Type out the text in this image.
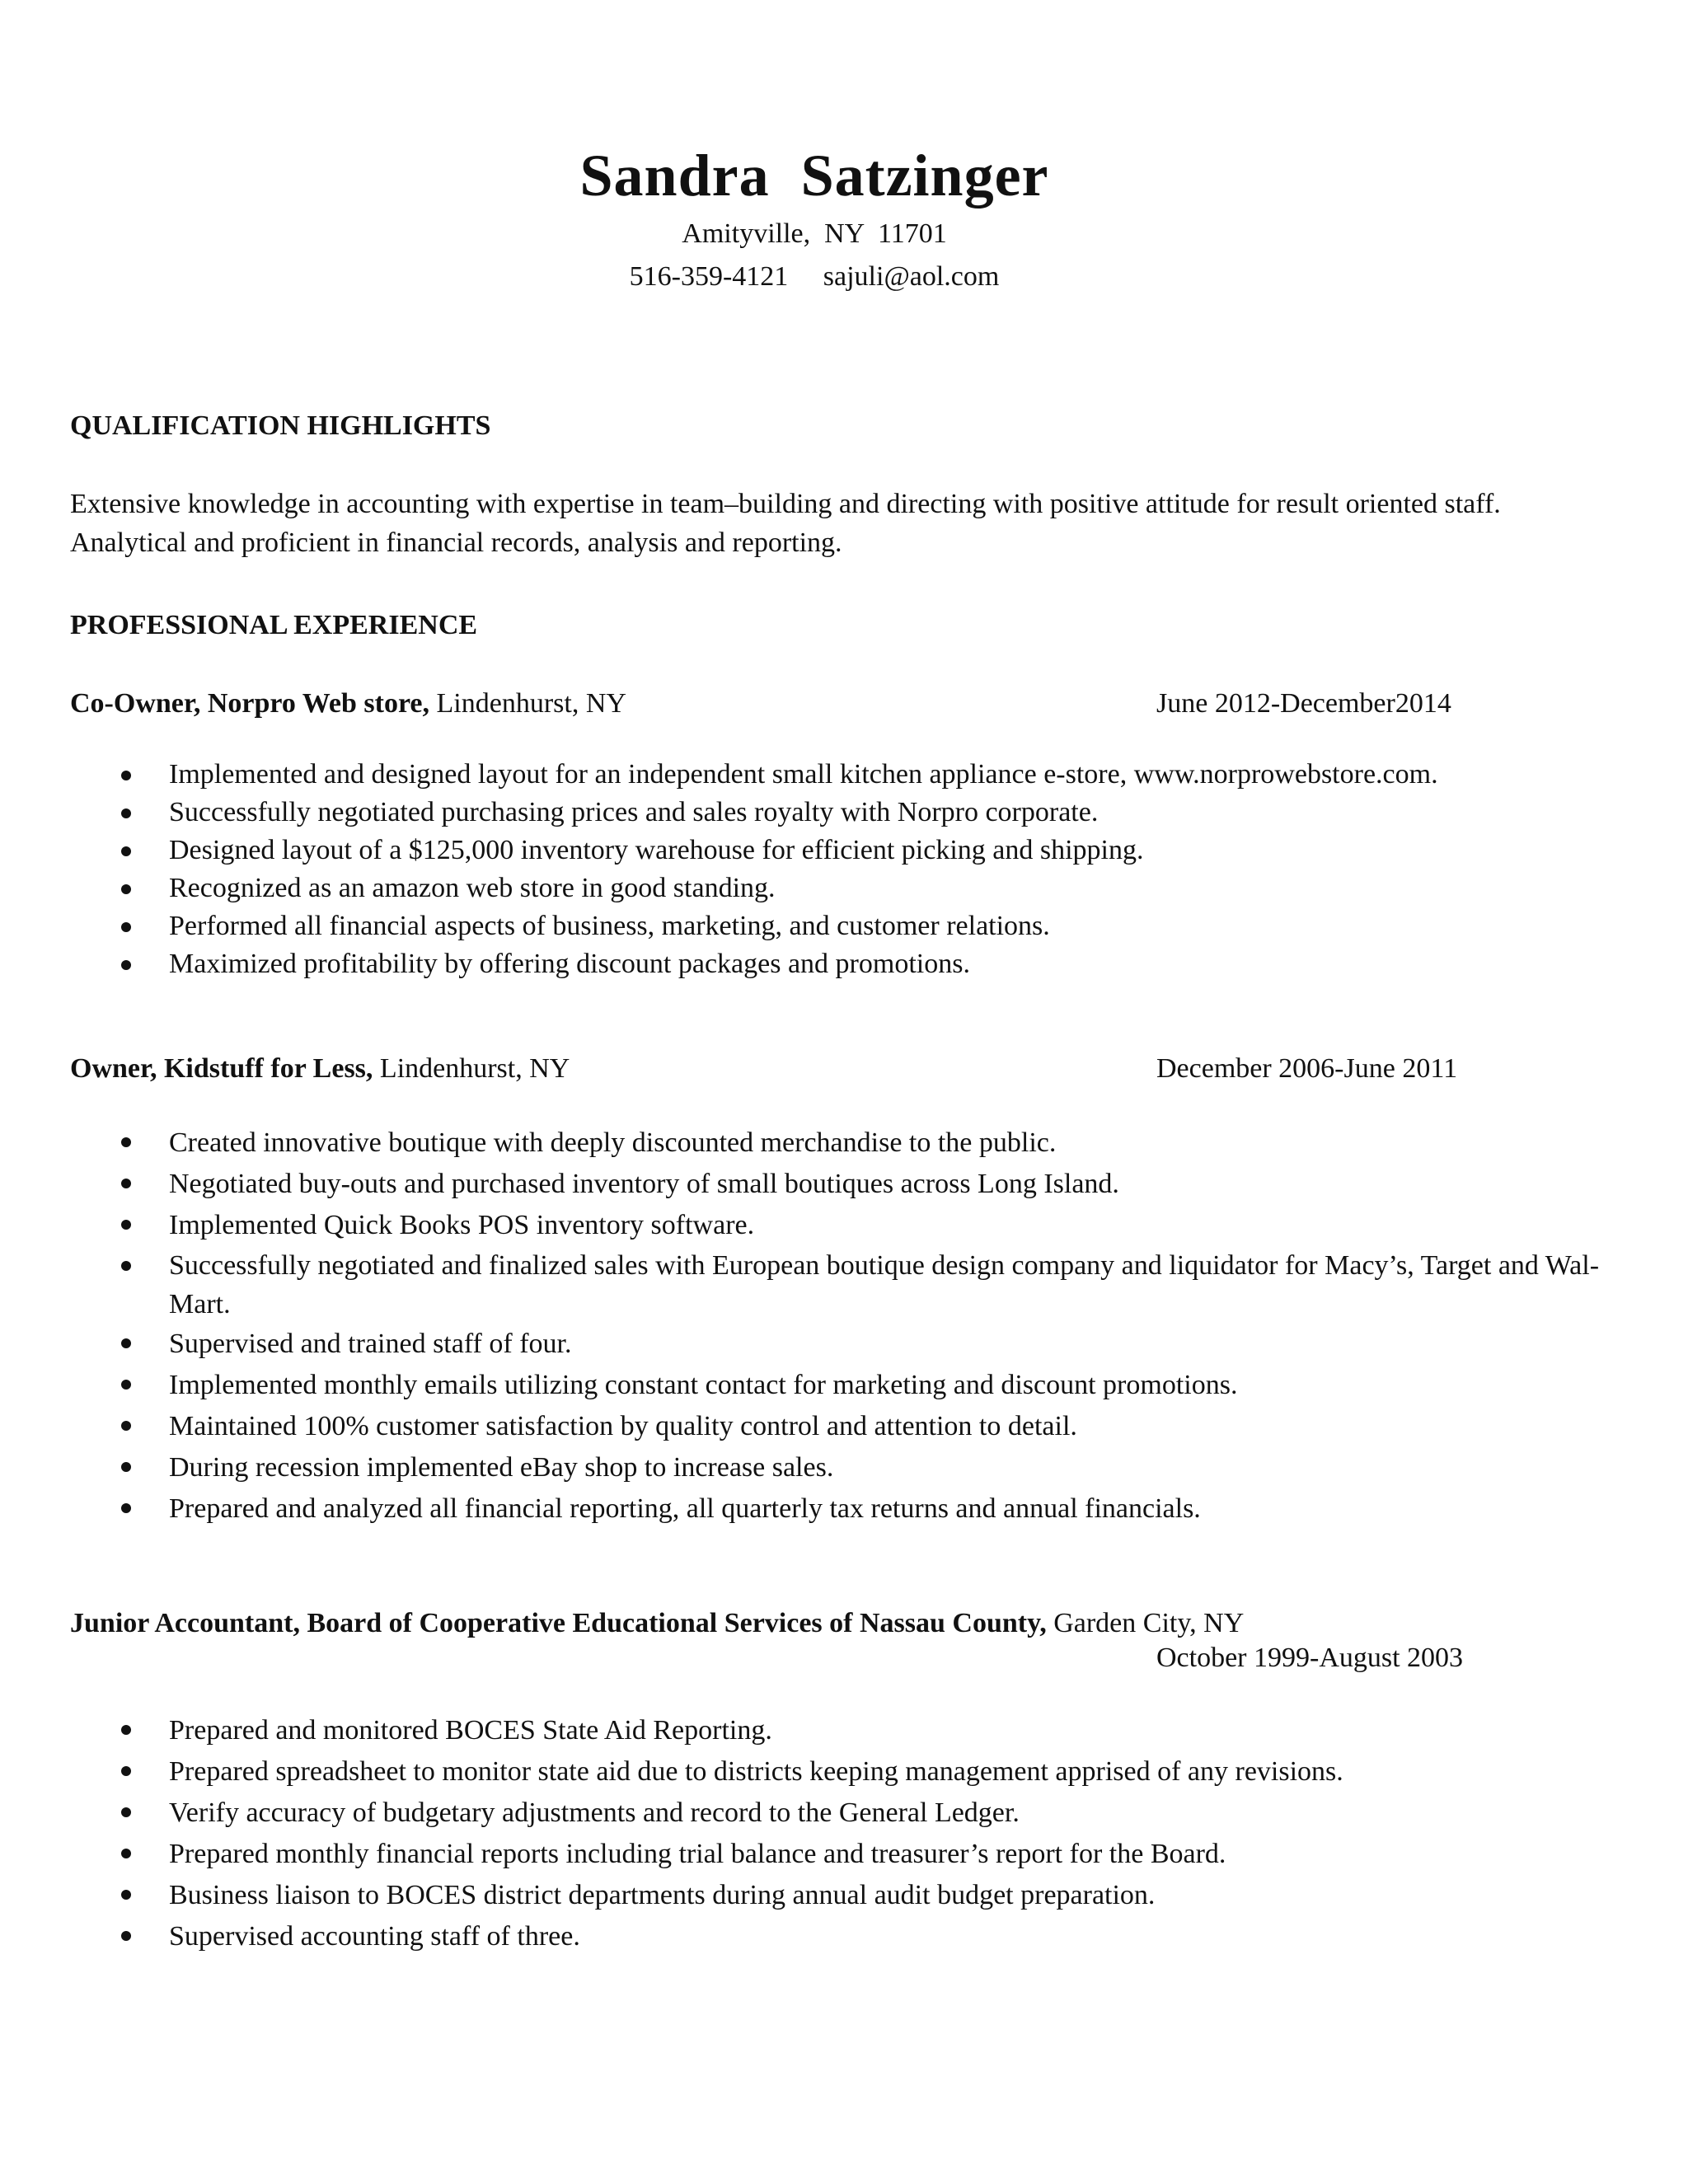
Sandra  Satzinger
Amityville,  NY  11701
516-359-4121     sajuli@aol.com
QUALIFICATION HIGHLIGHTS
Extensive knowledge in accounting with expertise in team–building and directing with positive attitude for result oriented staff. Analytical and proficient in financial records, analysis and reporting.
PROFESSIONAL EXPERIENCE
Co-Owner, Norpro Web store, Lindenhurst, NY	June 2012-December2014
Implemented and designed layout for an independent small kitchen appliance e-store, www.norprowebstore.com.
Successfully negotiated purchasing prices and sales royalty with Norpro corporate.
Designed layout of a $125,000 inventory warehouse for efficient picking and shipping.
Recognized as an amazon web store in good standing.
Performed all financial aspects of business, marketing, and customer relations.
Maximized profitability by offering discount packages and promotions.
Owner, Kidstuff for Less, Lindenhurst, NY	December 2006-June 2011
Created innovative boutique with deeply discounted merchandise to the public.
Negotiated buy-outs and purchased inventory of small boutiques across Long Island.
Implemented Quick Books POS inventory software.
Successfully negotiated and finalized sales with European boutique design company and liquidator for Macy’s, Target and Wal-Mart.
Supervised and trained staff of four.
Implemented monthly emails utilizing constant contact for marketing and discount promotions.
Maintained 100% customer satisfaction by quality control and attention to detail.
During recession implemented eBay shop to increase sales.
Prepared and analyzed all financial reporting, all quarterly tax returns and annual financials.
Junior Accountant, Board of Cooperative Educational Services of Nassau County, Garden City, NY
October 1999-August 2003
Prepared and monitored BOCES State Aid Reporting.
Prepared spreadsheet to monitor state aid due to districts keeping management apprised of any revisions.
Verify accuracy of budgetary adjustments and record to the General Ledger.
Prepared monthly financial reports including trial balance and treasurer’s report for the Board.
Business liaison to BOCES district departments during annual audit budget preparation.
Supervised accounting staff of three.
